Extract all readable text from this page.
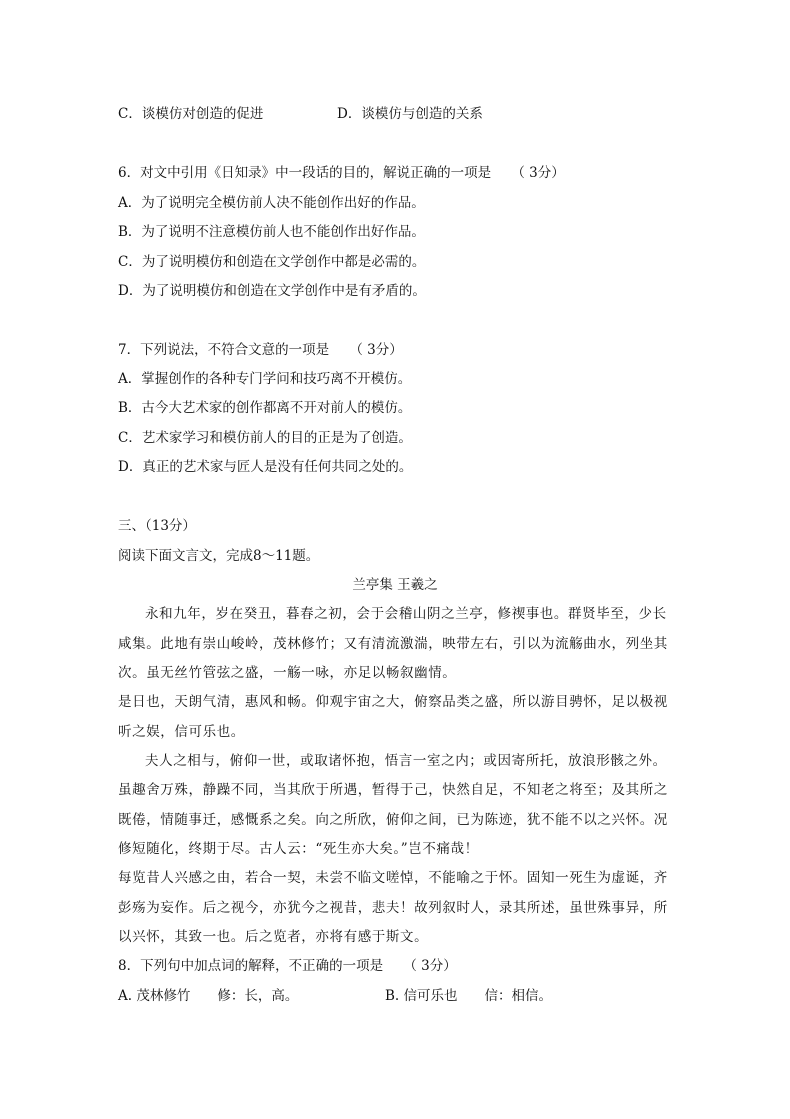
C．谈模仿对创造的促进	D．谈模仿与创造的关系
6．对文中引用《日知录》中一段话的目的，解说正确的一项是　　（ 3分）
A．为了说明完全模仿前人决不能创作出好的作品。
B．为了说明不注意模仿前人也不能创作出好作品。
C．为了说明模仿和创造在文学创作中都是必需的。
D．为了说明模仿和创造在文学创作中是有矛盾的。
7．下列说法，不符合文意的一项是　　（ 3分）
A．掌握创作的各种专门学问和技巧离不开模仿。
B．古今大艺术家的创作都离不开对前人的模仿。
C．艺术家学习和模仿前人的目的正是为了创造。
D．真正的艺术家与匠人是没有任何共同之处的。
三、（13分）
阅读下面文言文，完成8～11题。
兰亭集 王羲之
永和九年，岁在癸丑，暮春之初，会于会稽山阴之兰亭，修禊事也。群贤毕至，少长
咸集。此地有崇山峻岭，茂林修竹；又有清流激湍，映带左右，引以为流觞曲水，列坐其
次。虽无丝竹管弦之盛，一觞一咏，亦足以畅叙幽情。
是日也，天朗气清，惠风和畅。仰观宇宙之大，俯察品类之盛，所以游目骋怀，足以极视
听之娱，信可乐也。
夫人之相与，俯仰一世，或取诸怀抱，悟言一室之内；或因寄所托，放浪形骸之外。
虽趣舍万殊，静躁不同，当其欣于所遇，暂得于己，快然自足，不知老之将至；及其所之
既倦，情随事迁，感慨系之矣。向之所欣，俯仰之间，已为陈迹，犹不能不以之兴怀。况
修短随化，终期于尽。古人云：“死生亦大矣。”岂不痛哉！
每览昔人兴感之由，若合一契，未尝不临文嗟悼，不能喻之于怀。固知一死生为虚诞，齐
彭殇为妄作。后之视今，亦犹今之视昔，悲夫！故列叙时人，录其所述，虽世殊事异，所
以兴怀，其致一也。后之览者，亦将有感于斯文。
8．下列句中加点词的解释，不正确的一项是　　（ 3分）
A. 茂林修竹　　修：长，高。	B. 信可乐也　　信：相信。
